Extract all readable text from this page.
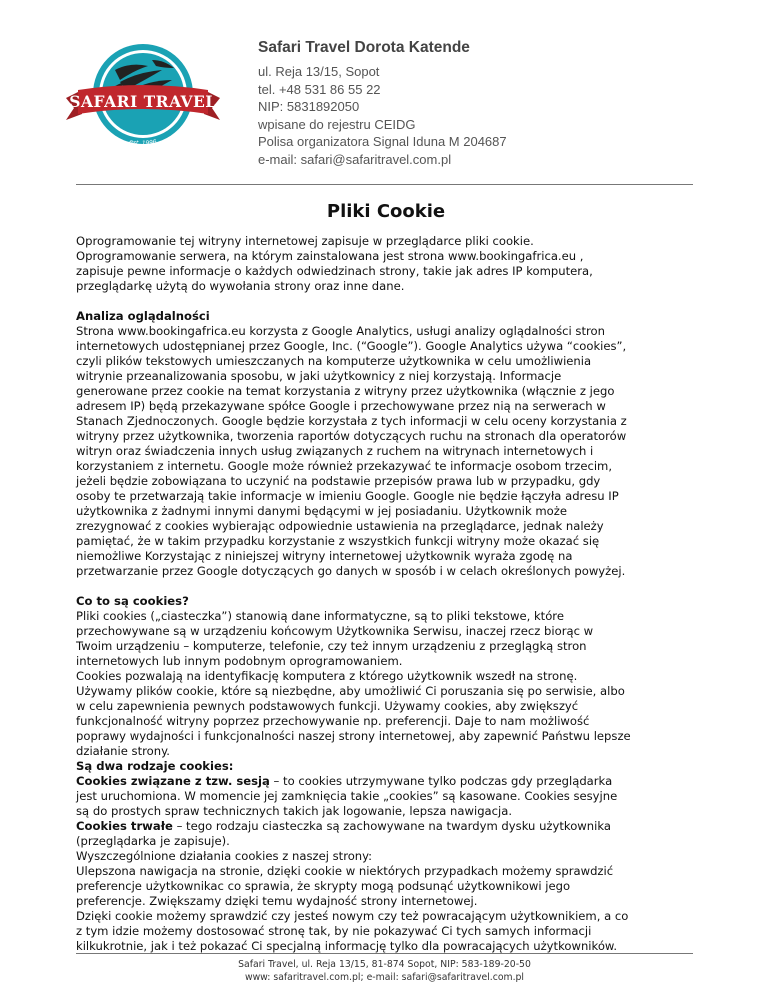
SAFARI TRAVEL
est. 1996
Safari Travel Dorota Katende
ul. Reja 13/15, Sopot
tel. +48 531 86 55 22
NIP: 5831892050
wpisane do rejestru CEIDG
Polisa organizatora Signal Iduna M 204687
e-mail: safari@safaritravel.com.pl
Pliki Cookie

Oprogramowanie tej witryny internetowej zapisuje w przeglądarce pliki cookie.

Oprogramowanie serwera, na którym zainstalowana jest strona www.bookingafrica.eu ,

zapisuje pewne informacje o każdych odwiedzinach strony, takie jak adres IP komputera,

przeglądarkę użytą do wywołania strony oraz inne dane.

Analiza oglądalności

Strona www.bookingafrica.eu korzysta z Google Analytics, usługi analizy oglądalności stron

internetowych udostępnianej przez Google, Inc. (“Google”). Google Analytics używa “cookies”,

czyli plików tekstowych umieszczanych na komputerze użytkownika w celu umożliwienia

witrynie przeanalizowania sposobu, w jaki użytkownicy z niej korzystają. Informacje

generowane przez cookie na temat korzystania z witryny przez użytkownika (włącznie z jego

adresem IP) będą przekazywane spółce Google i przechowywane przez nią na serwerach w

Stanach Zjednoczonych. Google będzie korzystała z tych informacji w celu oceny korzystania z

witryny przez użytkownika, tworzenia raportów dotyczących ruchu na stronach dla operatorów

witryn oraz świadczenia innych usług związanych z ruchem na witrynach internetowych i

korzystaniem z internetu. Google może również przekazywać te informacje osobom trzecim,

jeżeli będzie zobowiązana to uczynić na podstawie przepisów prawa lub w przypadku, gdy

osoby te przetwarzają takie informacje w imieniu Google. Google nie będzie łączyła adresu IP

użytkownika z żadnymi innymi danymi będącymi w jej posiadaniu. Użytkownik może

zrezygnować z cookies wybierając odpowiednie ustawienia na przeglądarce, jednak należy

pamiętać, że w takim przypadku korzystanie z wszystkich funkcji witryny może okazać się

niemożliwe Korzystając z niniejszej witryny internetowej użytkownik wyraża zgodę na

przetwarzanie przez Google dotyczących go danych w sposób i w celach określonych powyżej.

Co to są cookies?

Pliki cookies („ciasteczka”) stanowią dane informatyczne, są to pliki tekstowe, które

przechowywane są w urządzeniu końcowym Użytkownika Serwisu, inaczej rzecz biorąc w

Twoim urządzeniu – komputerze, telefonie, czy też innym urządzeniu z przeglągką stron

internetowych lub innym podobnym oprogramowaniem.

Cookies pozwalają na identyfikację komputera z którego użytkownik wszedł na stronę.

Używamy plików cookie, które są niezbędne, aby umożliwić Ci poruszania się po serwisie, albo

w celu zapewnienia pewnych podstawowych funkcji. Używamy cookies, aby zwiększyć

funkcjonalność witryny poprzez przechowywanie np. preferencji. Daje to nam możliwość

poprawy wydajności i funkcjonalności naszej strony internetowej, aby zapewnić Państwu lepsze

działanie strony.

Są dwa rodzaje cookies:

Cookies związane z tzw. sesją – to cookies utrzymywane tylko podczas gdy przeglądarka

jest uruchomiona. W momencie jej zamknięcia takie „cookies” są kasowane. Cookies sesyjne

są do prostych spraw technicznych takich jak logowanie, lepsza nawigacja.

Cookies trwałe – tego rodzaju ciasteczka są zachowywane na twardym dysku użytkownika

(przeglądarka je zapisuje).

Wyszczególnione działania cookies z naszej strony:

Ulepszona nawigacja na stronie, dzięki cookie w niektórych przypadkach możemy sprawdzić

preferencje użytkownikac co sprawia, że skrypty mogą podsunąć użytkownikowi jego

preferencje. Zwiększamy dzięki temu wydajność strony internetowej.

Dzięki cookie możemy sprawdzić czy jesteś nowym czy też powracającym użytkownikiem, a co

z tym idzie możemy dostosować stronę tak, by nie pokazywać Ci tych samych informacji

kilkukrotnie, jak i też pokazać Ci specjalną informację tylko dla powracających użytkowników.

Safari Travel, ul. Reja 13/15, 81-874 Sopot, NIP: 583-189-20-50
www: safaritravel.com.pl; e-mail: safari@safaritravel.com.pl
